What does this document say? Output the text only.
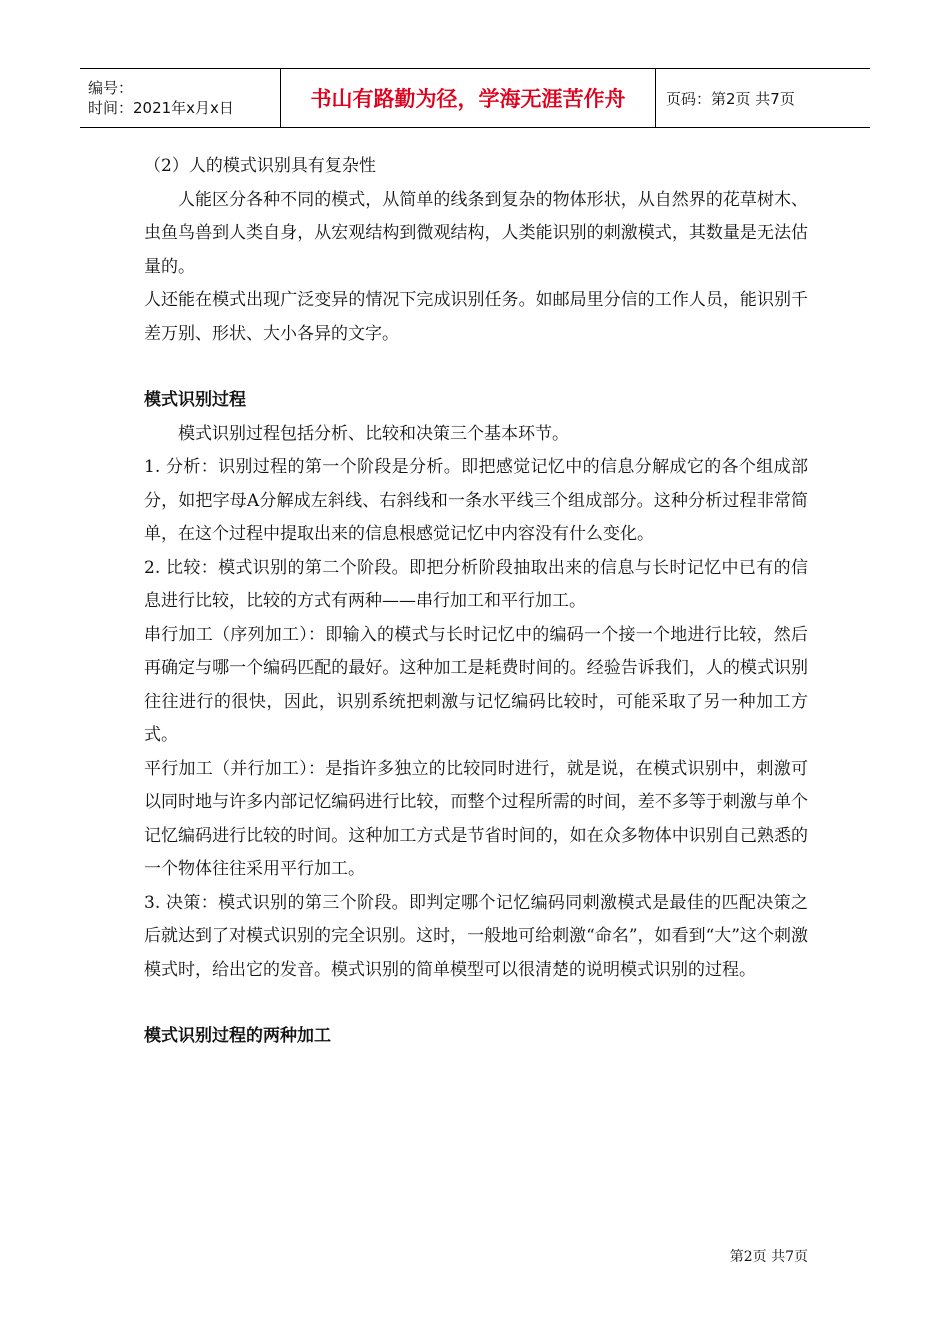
编号：
时间：2021年x月x日	书山有路勤为径，学海无涯苦作舟	页码：第2页 共7页

（2）人的模式识别具有复杂性

人能区分各种不同的模式，从简单的线条到复杂的物体形状，从自然界的花草树木、虫鱼鸟兽到人类自身，从宏观结构到微观结构，人类能识别的刺激模式，其数量是无法估量的。

人还能在模式出现广泛变异的情况下完成识别任务。如邮局里分信的工作人员，能识别千差万别、形状、大小各异的文字。

模式识别过程

模式识别过程包括分析、比较和决策三个基本环节。

1. 分析：识别过程的第一个阶段是分析。即把感觉记忆中的信息分解成它的各个组成部分，如把字母A分解成左斜线、右斜线和一条水平线三个组成部分。这种分析过程非常简单，在这个过程中提取出来的信息根感觉记忆中内容没有什么变化。

2. 比较：模式识别的第二个阶段。即把分析阶段抽取出来的信息与长时记忆中已有的信息进行比较，比较的方式有两种——串行加工和平行加工。

串行加工（序列加工）：即输入的模式与长时记忆中的编码一个接一个地进行比较，然后再确定与哪一个编码匹配的最好。这种加工是耗费时间的。经验告诉我们，人的模式识别往往进行的很快，因此，识别系统把刺激与记忆编码比较时，可能采取了另一种加工方式。

平行加工（并行加工）：是指许多独立的比较同时进行，就是说，在模式识别中，刺激可以同时地与许多内部记忆编码进行比较，而整个过程所需的时间，差不多等于刺激与单个记忆编码进行比较的时间。这种加工方式是节省时间的，如在众多物体中识别自己熟悉的一个物体往往采用平行加工。

3. 决策：模式识别的第三个阶段。即判定哪个记忆编码同刺激模式是最佳的匹配决策之后就达到了对模式识别的完全识别。这时，一般地可给刺激“命名”，如看到“大”这个刺激模式时，给出它的发音。模式识别的简单模型可以很清楚的说明模式识别的过程。

模式识别过程的两种加工

第2页 共7页
